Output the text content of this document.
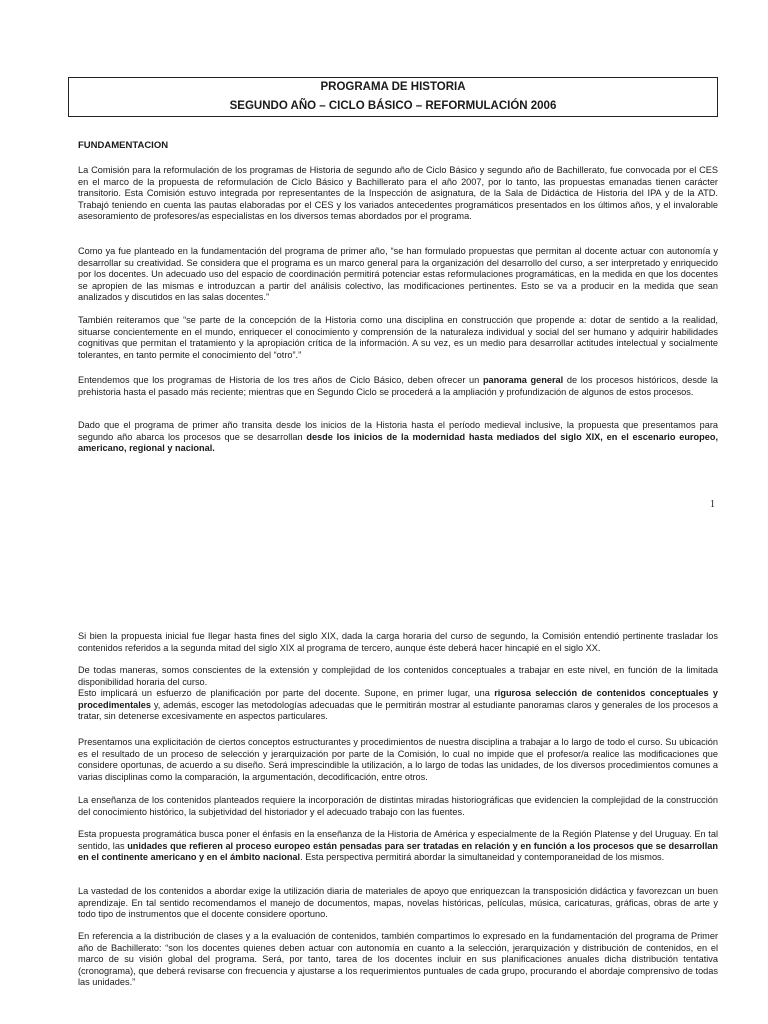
PROGRAMA DE HISTORIA
SEGUNDO AÑO – CICLO BÁSICO – REFORMULACIÓN 2006
FUNDAMENTACION

La Comisión para la reformulación de los programas de Historia de segundo año de Ciclo Básico y segundo año de Bachillerato, fue convocada por el CES en el marco de la propuesta de reformulación de Ciclo Básico y Bachillerato para el año 2007, por lo tanto, las propuestas emanadas tienen carácter transitorio. Esta Comisión estuvo integrada por representantes de la Inspección de asignatura, de la Sala de Didáctica de Historia del IPA y de la ATD. Trabajó teniendo en cuenta las pautas elaboradas por el CES y los variados antecedentes programáticos presentados en los últimos años, y el invalorable asesoramiento de profesores/as especialistas en los diversos temas abordados por el programa.

Como ya fue planteado en la fundamentación del programa de primer año, “se han formulado propuestas que permitan al docente actuar con autonomía y desarrollar su creatividad. Se considera que el programa es un marco general para la organización del desarrollo del curso, a ser interpretado y enriquecido por los docentes. Un adecuado uso del espacio de coordinación permitirá potenciar estas reformulaciones programáticas, en la medida en que los docentes se apropien de las mismas e introduzcan a partir del análisis colectivo, las modificaciones pertinentes. Esto se va a producir en la medida que sean analizados y discutidos en las salas docentes.”

También reiteramos que “se parte de la concepción de la Historia como una disciplina en construcción que propende a: dotar de sentido a la realidad, situarse concientemente en el mundo, enriquecer el conocimiento y comprensión de la naturaleza individual y social del ser humano y adquirir habilidades cognitivas que permitan el tratamiento y la apropiación crítica de la información. A su vez, es un medio para desarrollar actitudes intelectual y socialmente tolerantes, en tanto permite el conocimiento del “otro”.”

Entendemos que los programas de Historia de los tres años de Ciclo Básico, deben ofrecer un panorama general de los procesos históricos, desde la prehistoria hasta el pasado más reciente; mientras que en Segundo Ciclo se procederá a la ampliación y profundización de algunos de estos procesos.

Dado que el programa de primer año transita desde los inicios de la Historia hasta el período medieval inclusive, la propuesta que presentamos para segundo año abarca los procesos que se desarrollan desde los inicios de la modernidad hasta mediados del siglo XIX, en el escenario europeo, americano, regional y nacional.

1

Si bien la propuesta inicial fue llegar hasta fines del siglo XIX, dada la carga horaria del curso de segundo, la Comisión entendió pertinente trasladar los contenidos referidos a la segunda mitad del siglo XIX al programa de tercero, aunque éste deberá hacer hincapié en el siglo XX.

De todas maneras, somos conscientes de la extensión y complejidad de los contenidos conceptuales a trabajar en este nivel, en función de la limitada disponibilidad horaria del curso.
Esto implicará un esfuerzo de planificación por parte del docente. Supone, en primer lugar, una rigurosa selección de contenidos conceptuales y procedimentales y, además, escoger las metodologías adecuadas que le permitirán mostrar al estudiante panoramas claros y generales de los procesos a tratar, sin detenerse excesivamente en aspectos particulares.

Presentamos una explicitación de ciertos conceptos estructurantes y procedimientos de nuestra disciplina a trabajar a lo largo de todo el curso. Su ubicación es el resultado de un proceso de selección y jerarquización por parte de la Comisión, lo cual no impide que el profesor/a realice las modificaciones que considere oportunas, de acuerdo a su diseño. Será imprescindible la utilización, a lo largo de todas las unidades, de los diversos procedimientos comunes a varias disciplinas como la comparación, la argumentación, decodificación, entre otros.

La enseñanza de los contenidos planteados requiere la incorporación de distintas miradas historiográficas que evidencien la complejidad de la construcción del conocimiento histórico, la subjetividad del historiador y el adecuado trabajo con las fuentes.

Esta propuesta programática busca poner el énfasis en la enseñanza de la Historia de América y especialmente de la Región Platense y del Uruguay. En tal sentido, las unidades que refieren al proceso europeo están pensadas para ser tratadas en relación y en función a los procesos que se desarrollan en el continente americano y en el ámbito nacional. Esta perspectiva permitirá abordar la simultaneidad y contemporaneidad de los mismos.

La vastedad de los contenidos a abordar exige la utilización diaria de materiales de apoyo que enriquezcan la transposición didáctica y favorezcan un buen aprendizaje. En tal sentido recomendamos el manejo de documentos, mapas, novelas históricas, películas, música, caricaturas, gráficas, obras de arte y todo tipo de instrumentos que el docente considere oportuno.

En referencia a la distribución de clases y a la evaluación de contenidos, también compartimos lo expresado en la fundamentación del programa de Primer año de Bachillerato: “son los docentes quienes deben actuar con autonomía en cuanto a la selección, jerarquización y distribución de contenidos, en el marco de su visión global del programa. Será, por tanto, tarea de los docentes incluir en sus planificaciones anuales dicha distribución tentativa (cronograma), que deberá revisarse con frecuencia y ajustarse a los requerimientos puntuales de cada grupo, procurando el abordaje comprensivo de todas las unidades.”
